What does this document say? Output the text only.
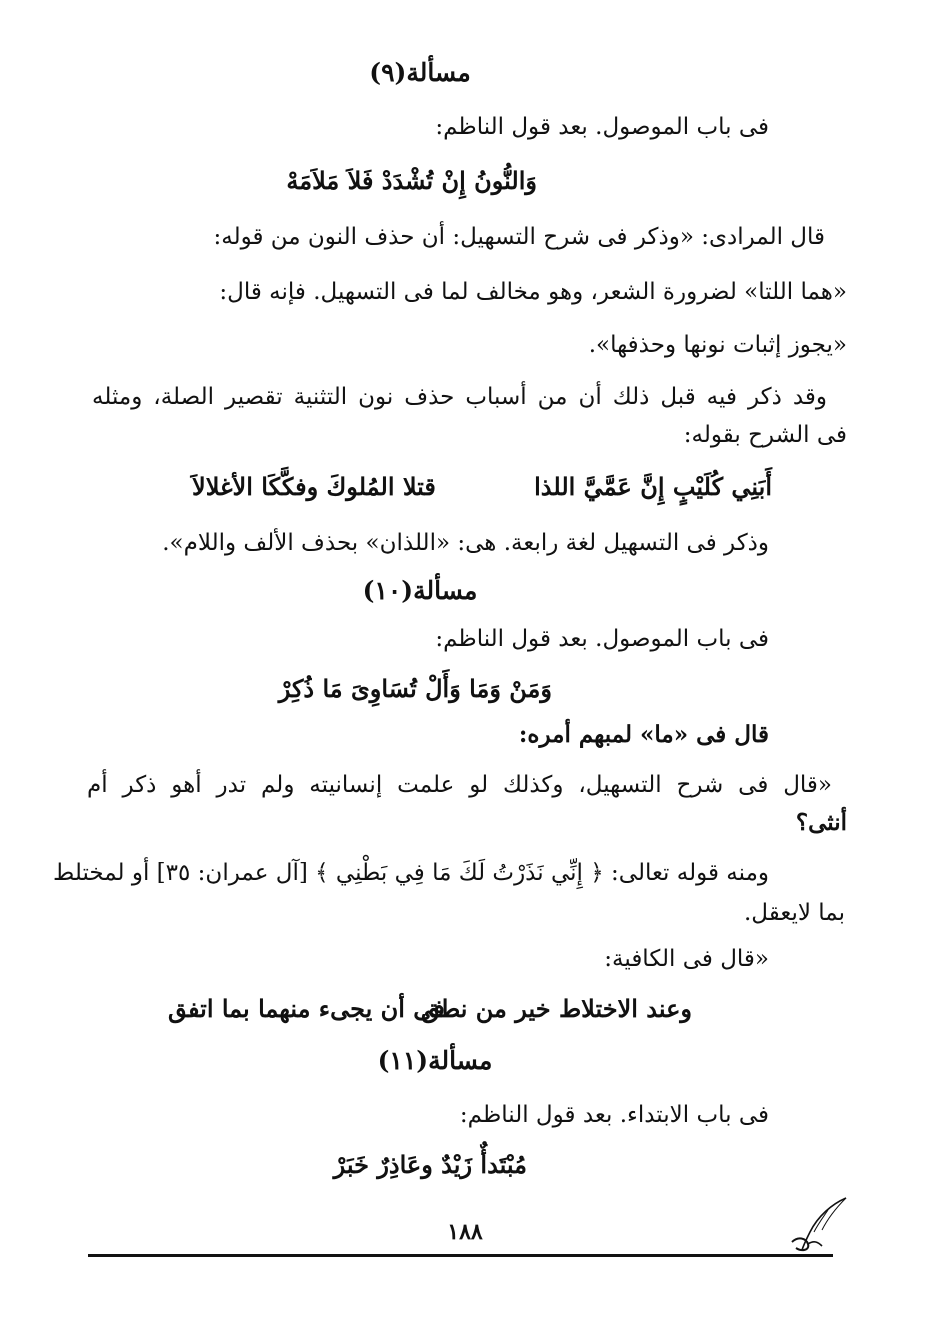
مسألة(٩)
فى باب الموصول. بعد قول الناظم:
وَالنُّونُ إِنْ تُشْدَدْ فَلاَ مَلاَمَهْ
قال المرادى: «وذكر فى شرح التسهيل: أن حذف النون من قوله:
«هما اللتا» لضرورة الشعر، وهو مخالف لما فى التسهيل. فإنه قال:
«يجوز إثبات نونها وحذفها».
وقد ذكر فيه قبل ذلك أن من أسباب حذف نون التثنية تقصير الصلة، ومثله
فى الشرح بقوله:
أَبَنِي كُلَيْبٍ إِنَّ عَمَّيَّ اللذا
قتلا المُلوكَ وفكَّكَا الأغلالاَ
وذكر فى التسهيل لغة رابعة. هى: «اللذان» بحذف الألف واللام».
مسألة(١٠)
فى باب الموصول. بعد قول الناظم:
وَمَنْ وَمَا وَأَلْ تُسَاوِىَ مَا ذُكِرْ
قال فى «ما» لمبهم أمره:
«قال فى شرح التسهيل، وكذلك لو علمت إنسانيته ولم تدر أهو ذكر أم
أنثى؟
ومنه قوله تعالى: ﴿ إِنِّي نَذَرْتُ لَكَ مَا فِي بَطْنِي ﴾ [آل عمران: ٣٥] أو لمختلط
بما لايعقل.
«قال فى الكافية:
وعند الاختلاط خير من نطق
فى أن يجىء منهما بما اتفق
مسألة(١١)
فى باب الابتداء. بعد قول الناظم:
مُبْتَدأٌ زَيْدٌ وعَاذِرٌ خَبَرْ
١٨٨
